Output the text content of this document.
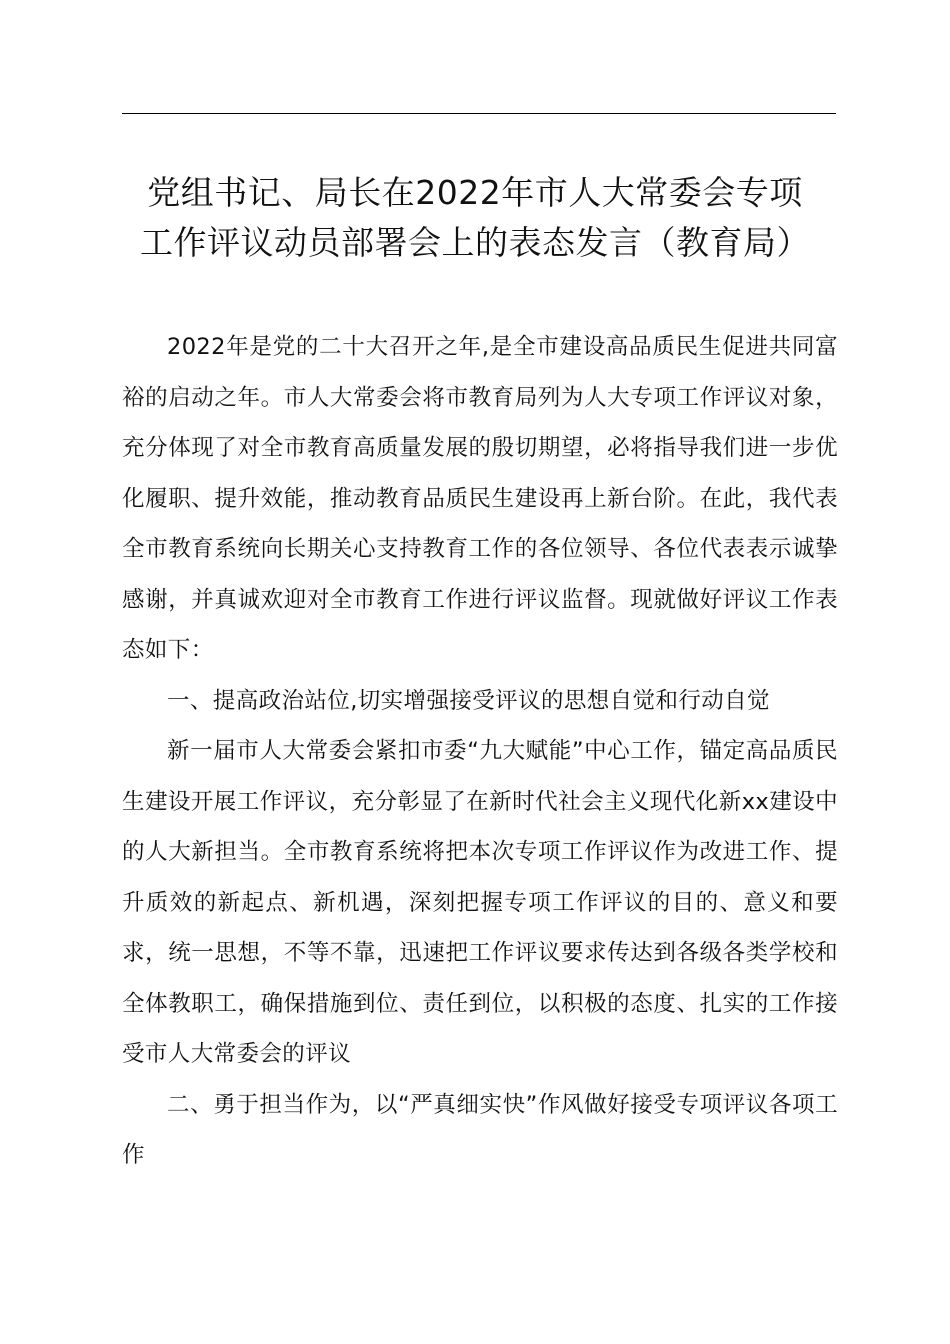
党组书记、局长在2022年市人大常委会专项
工作评议动员部署会上的表态发言（教育局）

2022年是党的二十大召开之年,是全市建设高品质民生促进共同富裕的启动之年。市人大常委会将市教育局列为人大专项工作评议对象，充分体现了对全市教育高质量发展的殷切期望，必将指导我们进一步优化履职、提升效能，推动教育品质民生建设再上新台阶。在此，我代表全市教育系统向长期关心支持教育工作的各位领导、各位代表表示诚挚感谢，并真诚欢迎对全市教育工作进行评议监督。现就做好评议工作表态如下：

一、提高政治站位,切实增强接受评议的思想自觉和行动自觉

新一届市人大常委会紧扣市委“九大赋能”中心工作，锚定高品质民生建设开展工作评议，充分彰显了在新时代社会主义现代化新xx建设中的人大新担当。全市教育系统将把本次专项工作评议作为改进工作、提升质效的新起点、新机遇，深刻把握专项工作评议的目的、意义和要求，统一思想，不等不靠，迅速把工作评议要求传达到各级各类学校和全体教职工，确保措施到位、责任到位，以积极的态度、扎实的工作接受市人大常委会的评议

二、勇于担当作为，以“严真细实快”作风做好接受专项评议各项工作
